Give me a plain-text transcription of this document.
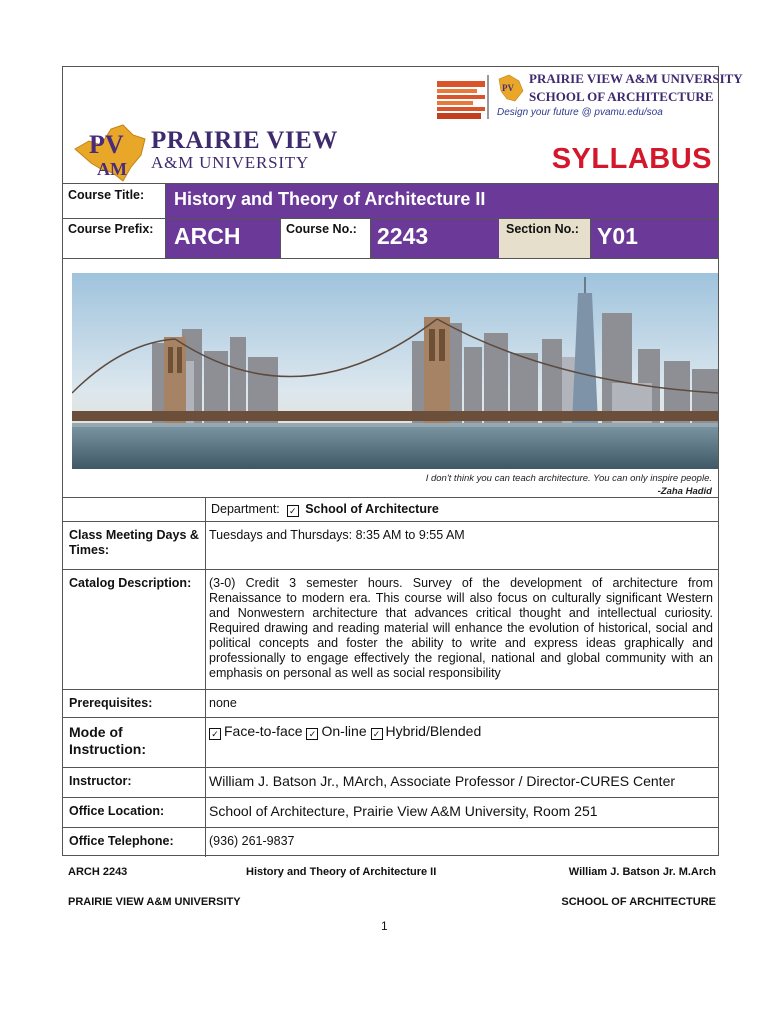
PV
AM
PRAIRIE VIEW
A&M UNIVERSITY
PV
PRAIRIE VIEW A&M UNIVERSITY
SCHOOL OF ARCHITECTURE
Design your future @ pvamu.edu/soa
SYLLABUS
Course Title: History and Theory of Architecture II
Course Prefix: ARCH	Course No.: 2243	Section No.: Y01
I don't think you can teach architecture. You can only inspire people.
-Zaha Hadid
Department: ✓ School of Architecture
Class Meeting Days & Times:
Tuesdays and Thursdays: 8:35 AM to 9:55 AM
Catalog Description:	(3-0) Credit 3 semester hours. Survey of the development of architecture from Renaissance to modern era. This course will also focus on culturally significant Western and Nonwestern architecture that advances critical thought and intellectual curiosity. Required drawing and reading material will enhance the evolution of historical, social and political concepts and foster the ability to write and express ideas graphically and professionally to engage effectively the regional, national and global community with an emphasis on personal as well as social responsibility
Prerequisites:	none
Mode of Instruction:
✓ Face-to-face ✓ On-line ✓ Hybrid/Blended
Instructor:	William J. Batson Jr., MArch, Associate Professor / Director-CURES Center
Office Location:	School of Architecture, Prairie View A&M University, Room 251
Office Telephone:	(936) 261-9837
ARCH 2243	History and Theory of Architecture II	William J. Batson Jr. M.Arch
PRAIRIE VIEW A&M UNIVERSITY	SCHOOL OF ARCHITECTURE
1
